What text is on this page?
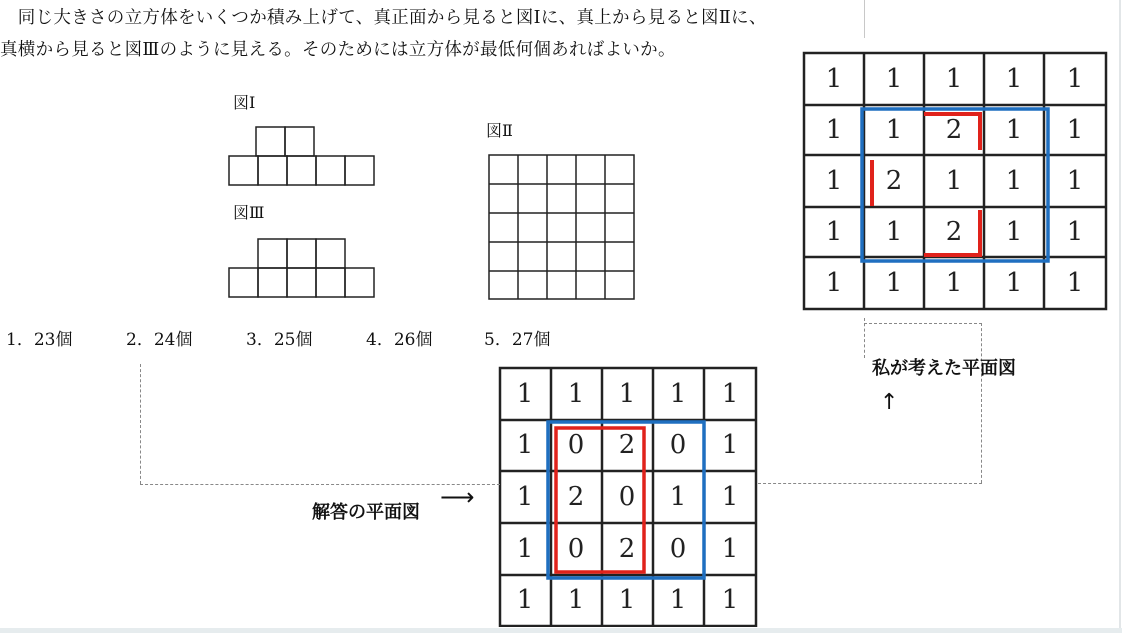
　同じ大きさの立方体をいくつか積み上げて、真正面から見ると図Ⅰに、真上から見ると図Ⅱに、
真横から見ると図Ⅲのように見える。そのためには立方体が最低何個あればよいか。
図Ⅰ
図Ⅲ
図Ⅱ
1．23個	2．24個	3．25個	4．26個	5．27個
1 1 1 1 1
1 1 2 1 1
1 2 1 1 1
1 1 2 1 1
1 1 1 1 1
1 1 1 1 1
1 0 2 0 1
1 2 0 1 1
1 0 2 0 1
1 1 1 1 1
私が考えた平面図
↑
解答の平面図
⟶
